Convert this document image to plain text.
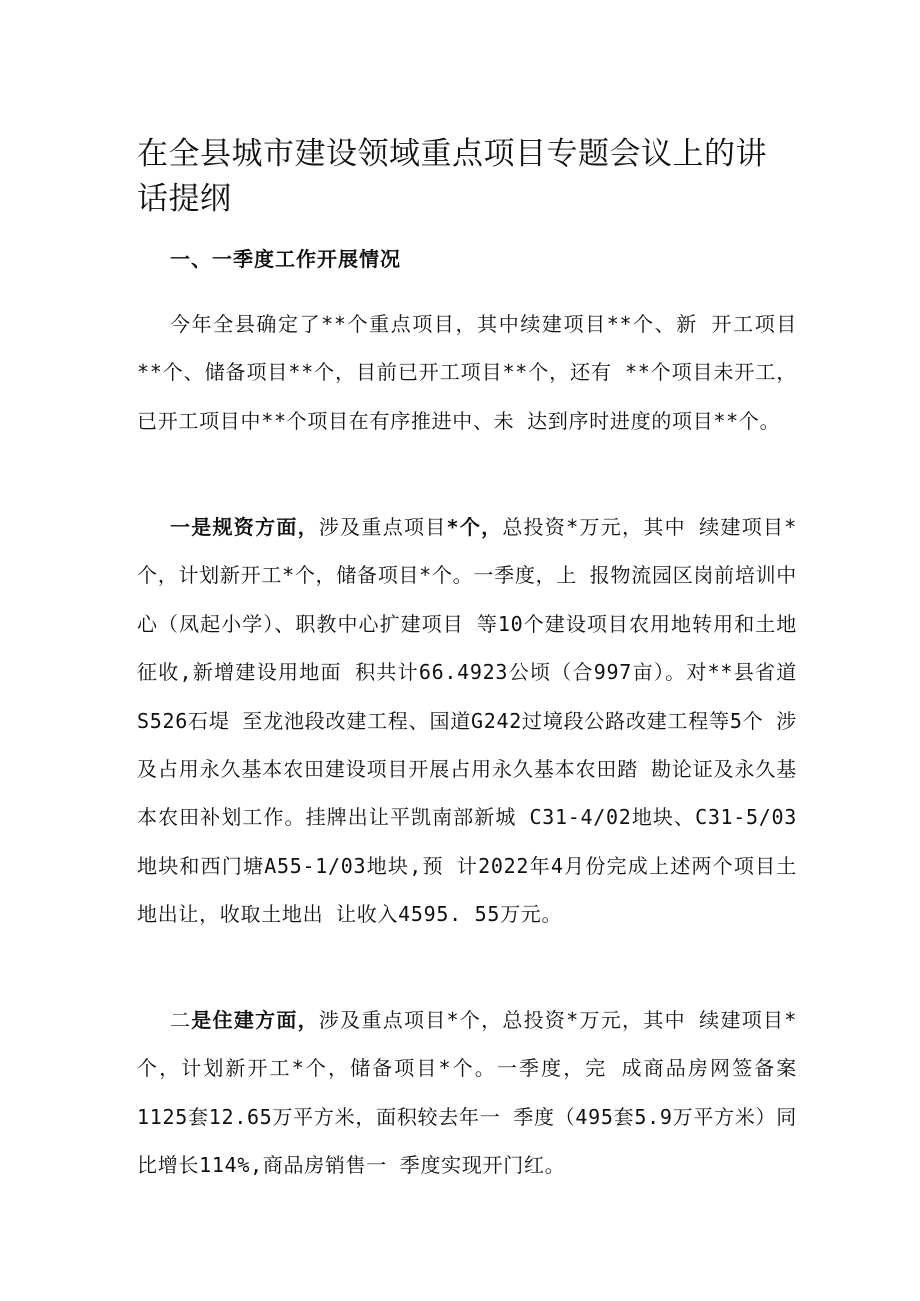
在全县城市建设领域重点项目专题会议上的讲话提纲
一、一季度工作开展情况

今年全县确定了**个重点项目，其中续建项目**个、新 开工项目**个、储备项目**个，目前已开工项目**个，还有 **个项目未开工，已开工项目中**个项目在有序推进中、未 达到序时进度的项目**个。

一是规资方面，涉及重点项目*个，总投资*万元，其中 续建项目*个，计划新开工*个，储备项目*个。一季度，上 报物流园区岗前培训中心（凤起小学）、职教中心扩建项目 等10个建设项目农用地转用和土地征收,新增建设用地面 积共计66.4923公顷（合997亩）。对**县省道S526石堤 至龙池段改建工程、国道G242过境段公路改建工程等5个 涉及占用永久基本农田建设项目开展占用永久基本农田踏 勘论证及永久基本农田补划工作。挂牌出让平凯南部新城 C31-4/02地块、C31-5/03地块和西门塘A55-1/03地块,预 计2022年4月份完成上述两个项目土地出让，收取土地出 让收入4595. 55万元。

二是住建方面，涉及重点项目*个，总投资*万元，其中 续建项目*个，计划新开工*个，储备项目*个。一季度，完 成商品房网签备案1125套12.65万平方米，面积较去年一 季度（495套5.9万平方米）同比增长114%,商品房销售一 季度实现开门红。
